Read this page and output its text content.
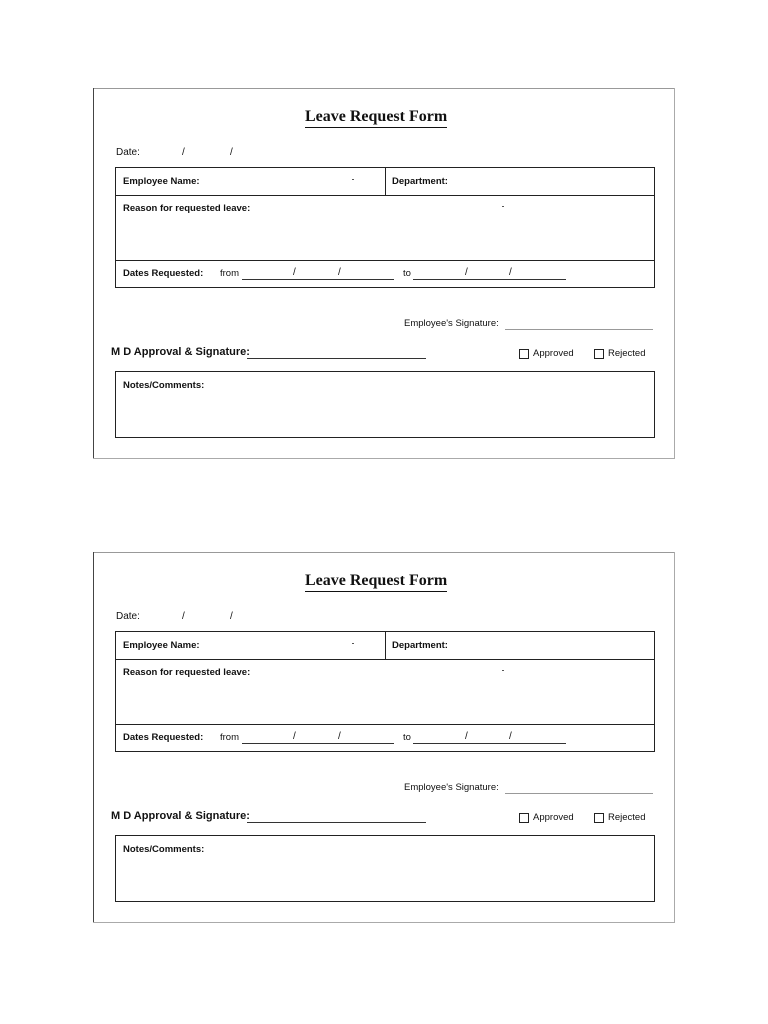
Leave Request Form
Date:	/	/
Employee Name:	Department:
Reason for requested leave:
Dates Requested: from	/	/	to	/	/
Employee's Signature:
M D Approval & Signature:	Approved	Rejected
Notes/Comments:
Leave Request Form
Date:	/	/
Employee Name:	Department:
Reason for requested leave:
Dates Requested: from	/	/	to	/	/
Employee's Signature:
M D Approval & Signature:	Approved	Rejected
Notes/Comments:
